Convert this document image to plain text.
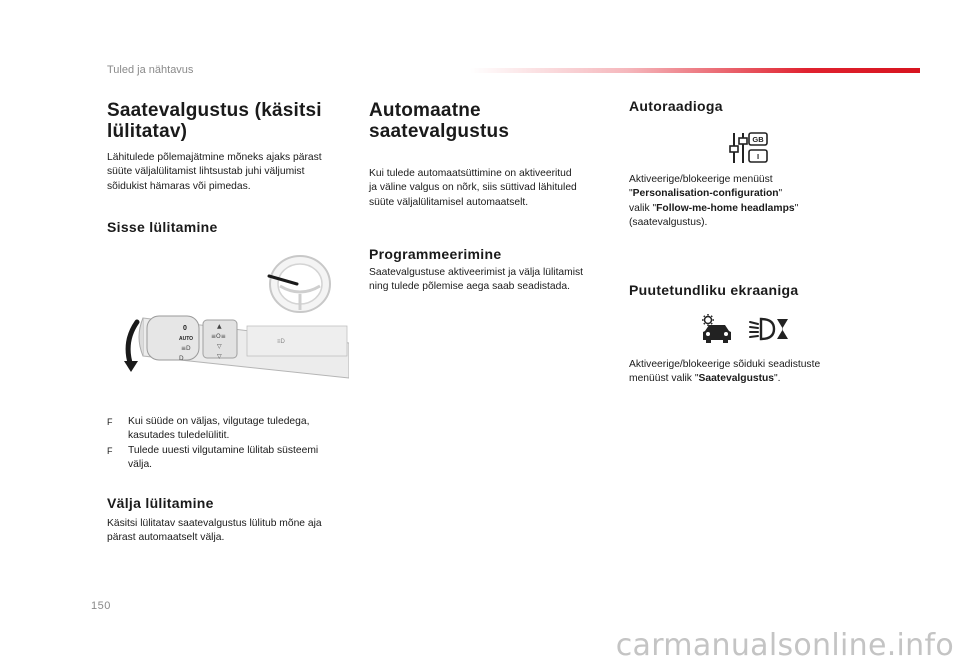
Tuled ja nähtavus
Saatevalgustus (käsitsi
lülitatav)
Lähitulede põlemajätmine mõneks ajaks pärast
süüte väljalülitamist lihtsustab juhi väljumist
sõidukist hämaras või pimedas.
Sisse lülitamine
≡D
0
AUTO
≡D
D
≡O≡
▽
▽
▲
F	Kui süüde on väljas, vilgutage tuledega,
kasutades tuledelülitit.
F	Tulede uuesti vilgutamine lülitab süsteemi
välja.
Välja lülitamine
Käsitsi lülitatav saatevalgustus lülitub mõne aja
pärast automaatselt välja.
Automaatne
saatevalgustus
Kui tulede automaatsüttimine on aktiveeritud
ja väline valgus on nõrk, siis süttivad lähituled
süüte väljalülitamisel automaatselt.
Programmeerimine
Saatevalgustuse aktiveerimist ja välja lülitamist
ning tulede põlemise aega saab seadistada.
Autoraadioga
GB
I
Aktiveerige/blokeerige menüüst
"Personalisation-configuration"
valik "Follow-me-home headlamps"
(saatevalgustus).
Puutetundliku ekraaniga
Aktiveerige/blokeerige sõiduki seadistuste
menüüst valik "Saatevalgustus".
150
carmanualsonline.info
